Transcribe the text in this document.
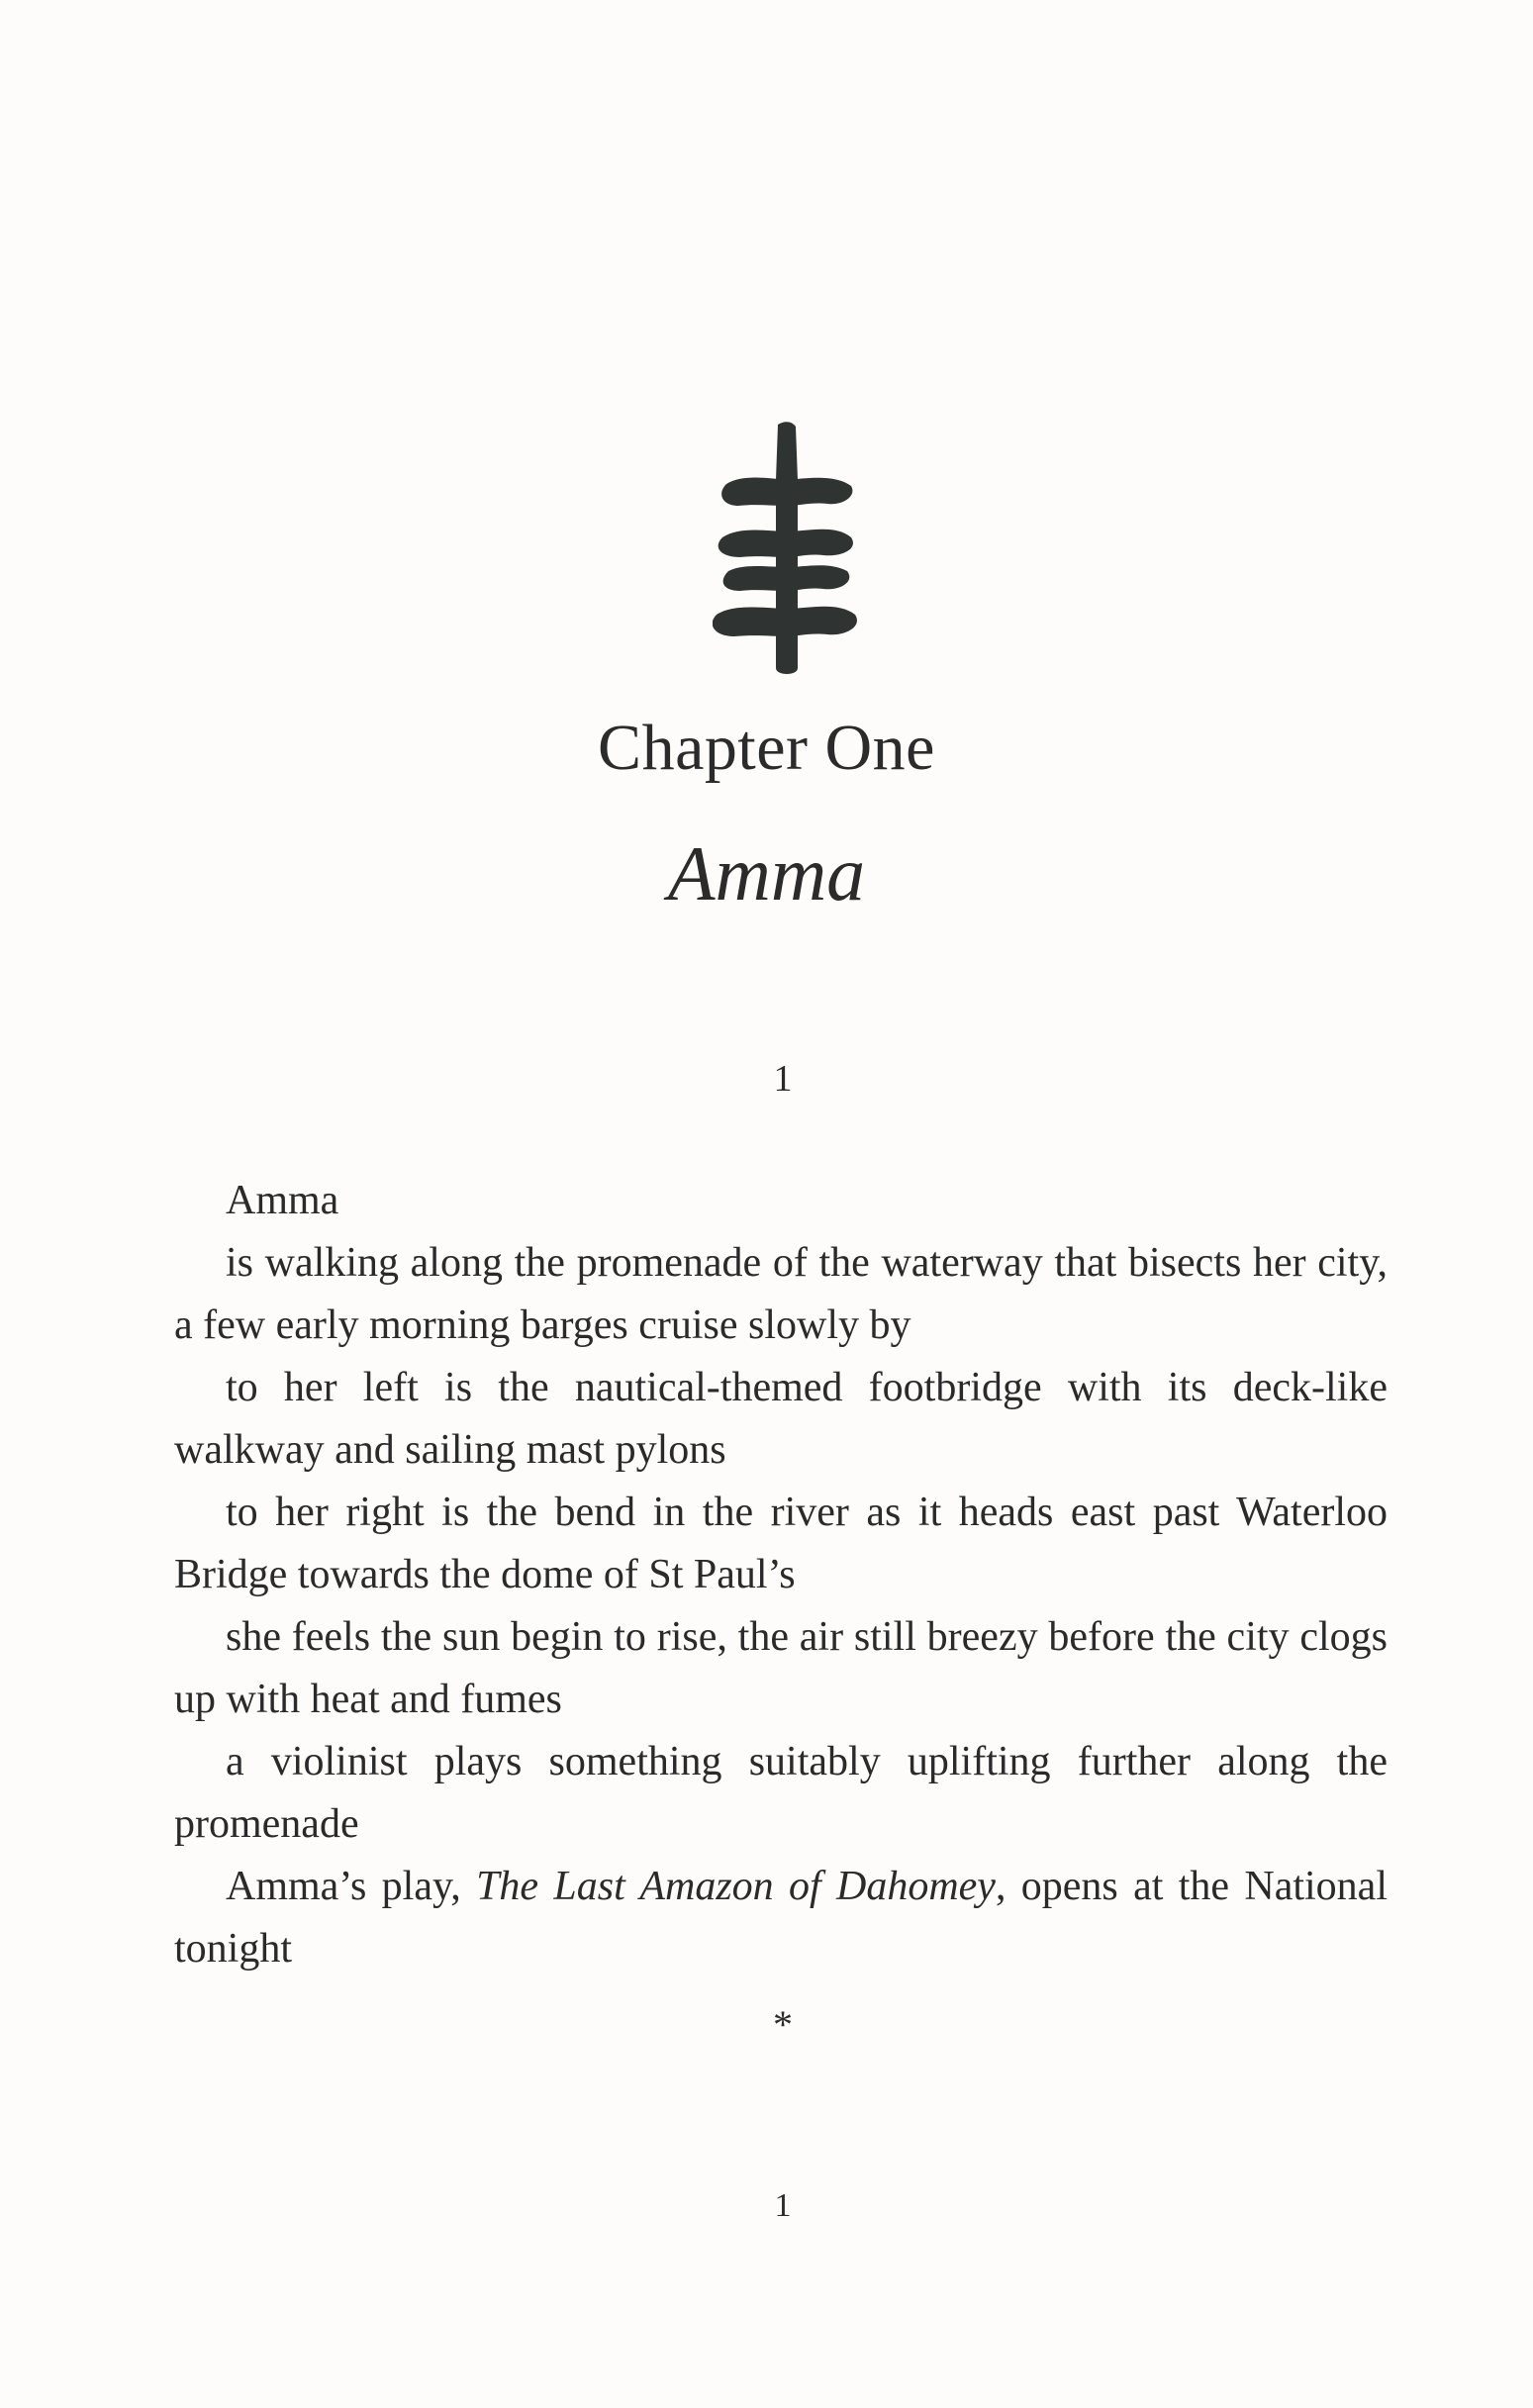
Chapter One
Amma
1

Amma

is walking along the promenade of the waterway that bisects her city, a few early morning barges cruise slowly by

to her left is the nautical-themed footbridge with its deck-like walkway and sailing mast pylons

to her right is the bend in the river as it heads east past Waterloo Bridge towards the dome of St Paul’s

she feels the sun begin to rise, the air still breezy before the city clogs up with heat and fumes

a violinist plays something suitably uplifting further along the promenade

Amma’s play, The Last Amazon of Dahomey, opens at the National tonight

*
1
